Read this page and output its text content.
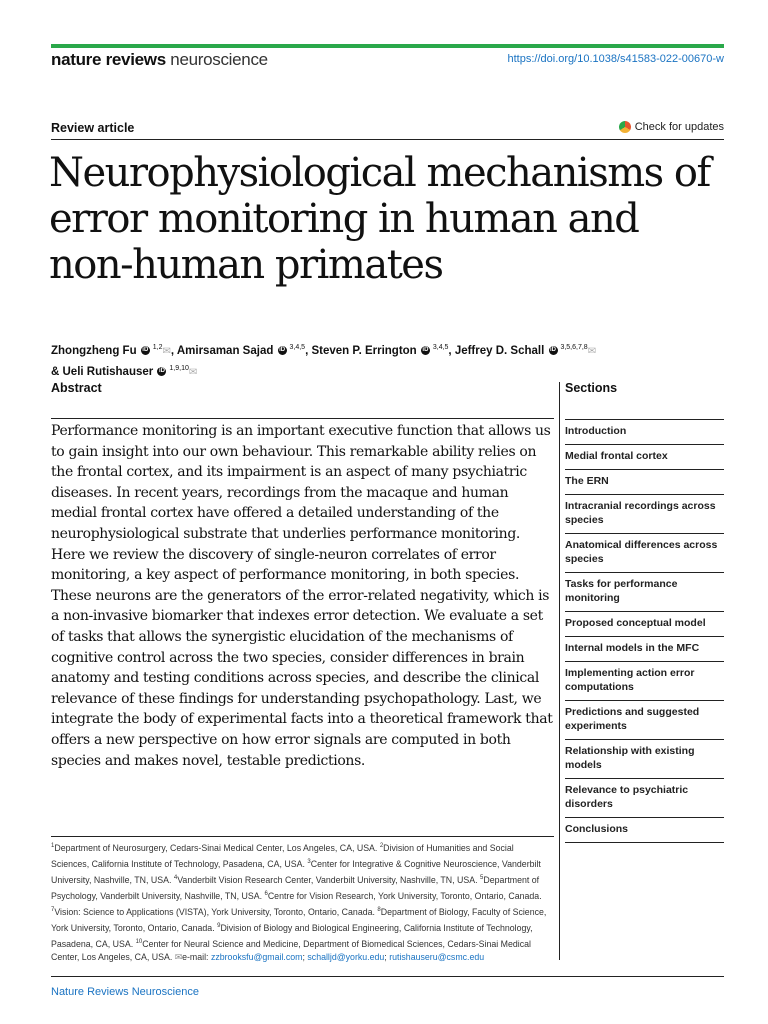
nature reviews neuroscience	https://doi.org/10.1038/s41583-022-00670-w
Review article	Check for updates
Neurophysiological mechanisms of error monitoring in human and non-human primates
Zhongzheng Fu iD $^{1,2}$✉, Amirsaman Sajad iD $^{3,4,5}$, Steven P. Errington iD $^{3,4,5}$, Jeffrey D. Schall iD $^{3,5,6,7,8}$✉
& Ueli Rutishauser iD $^{1,9,10}$✉
Abstract

Performance monitoring is an important executive function that allows us to gain insight into our own behaviour. This remarkable ability relies on the frontal cortex, and its impairment is an aspect of many psychiatric diseases. In recent years, recordings from the macaque and human medial frontal cortex have offered a detailed understanding of the neurophysiological substrate that underlies performance monitoring. Here we review the discovery of single-neuron correlates of error monitoring, a key aspect of performance monitoring, in both species. These neurons are the generators of the error-related negativity, which is a non-invasive biomarker that indexes error detection. We evaluate a set of tasks that allows the synergistic elucidation of the mechanisms of cognitive control across the two species, consider differences in brain anatomy and testing conditions across species, and describe the clinical relevance of these findings for understanding psychopathology. Last, we integrate the body of experimental facts into a theoretical framework that offers a new perspective on how error signals are computed in both species and makes novel, testable predictions.

Sections
Introduction
Medial frontal cortex
The ERN
Intracranial recordings across species
Anatomical differences across species
Tasks for performance monitoring
Proposed conceptual model
Internal models in the MFC
Implementing action error computations
Predictions and suggested experiments
Relationship with existing models
Relevance to psychiatric disorders
Conclusions
$^1$Department of Neurosurgery, Cedars-Sinai Medical Center, Los Angeles, CA, USA. $^2$Division of Humanities and Social Sciences, California Institute of Technology, Pasadena, CA, USA. $^3$Center for Integrative & Cognitive Neuroscience, Vanderbilt University, Nashville, TN, USA. $^4$Vanderbilt Vision Research Center, Vanderbilt University, Nashville, TN, USA. $^5$Department of Psychology, Vanderbilt University, Nashville, TN, USA. $^6$Centre for Vision Research, York University, Toronto, Ontario, Canada. $^7$Vision: Science to Applications (VISTA), York University, Toronto, Ontario, Canada. $^8$Department of Biology, Faculty of Science, York University, Toronto, Ontario, Canada. $^9$Division of Biology and Biological Engineering, California Institute of Technology, Pasadena, CA, USA. $^{10}$Center for Neural Science and Medicine, Department of Biomedical Sciences, Cedars-Sinai Medical Center, Los Angeles, CA, USA. ✉e-mail: zzbrooksfu@gmail.com; schalljd@yorku.edu; rutishauseru@csmc.edu
Nature Reviews Neuroscience
